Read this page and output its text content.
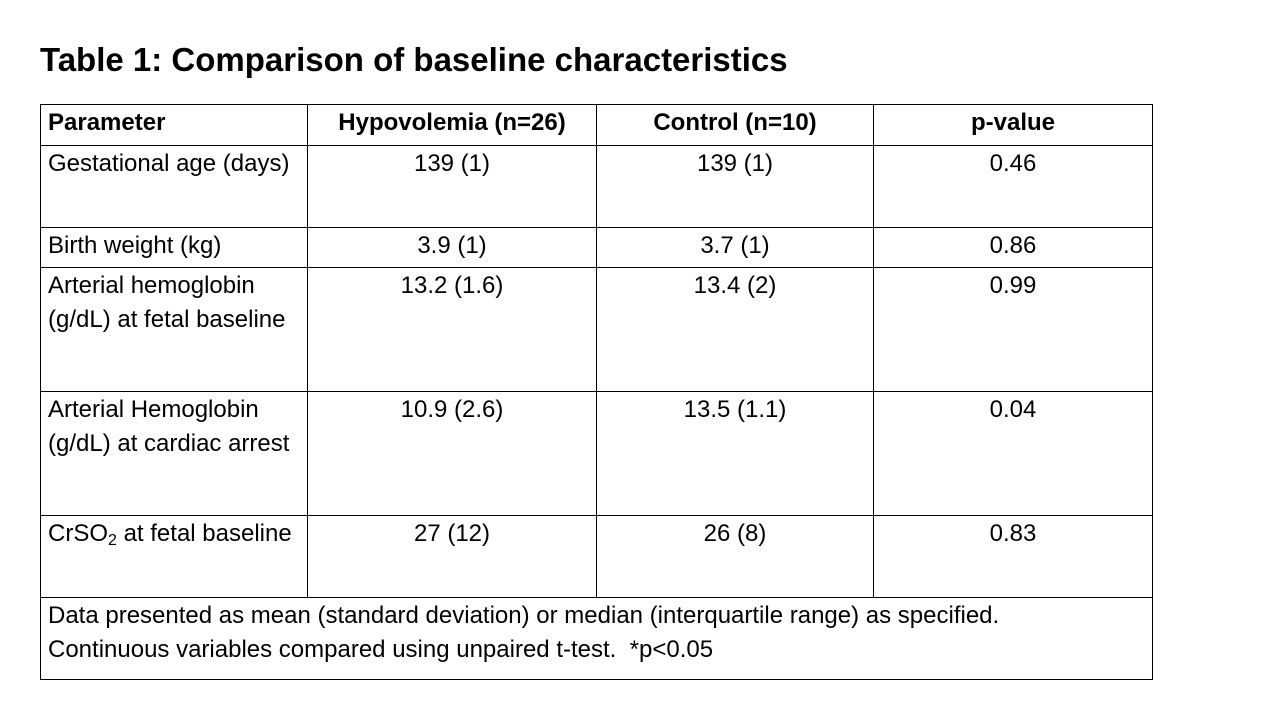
Table 1: Comparison of baseline characteristics
Parameter	Hypovolemia (n=26)	Control (n=10)	p-value
Gestational age (days)	139 (1)	139 (1)	0.46
Birth weight (kg)	3.9 (1)	3.7 (1)	0.86
Arterial hemoglobin (g/dL) at fetal baseline	13.2 (1.6)	13.4 (2)	0.99
Arterial Hemoglobin (g/dL) at cardiac arrest	10.9 (2.6)	13.5 (1.1)	0.04
CrSO$_2$ at fetal baseline	27 (12)	26 (8)	0.83

Data presented as mean (standard deviation) or median (interquartile range) as specified.
Continuous variables compared using unpaired t-test.  *p<0.05			
